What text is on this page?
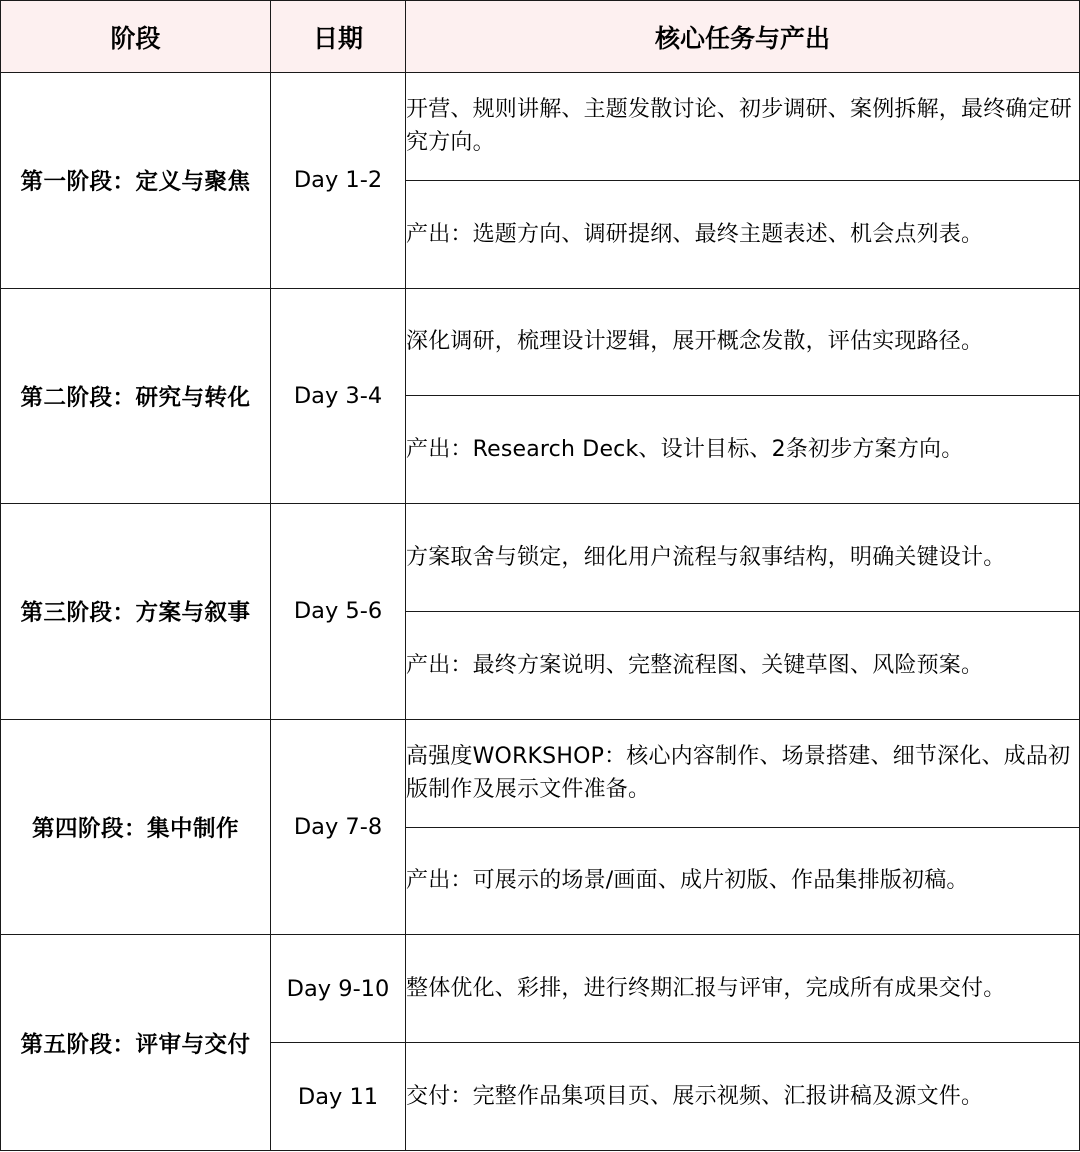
阶段	日期	核心任务与产出
第一阶段：定义与聚焦	Day 1-2	开营、规则讲解、主题发散讨论、初步调研、案例拆解，最终确定研究方向。
		产出：选题方向、调研提纲、最终主题表述、机会点列表。
第二阶段：研究与转化	Day 3-4	深化调研，梳理设计逻辑，展开概念发散，评估实现路径。
		产出：Research Deck、设计目标、2条初步方案方向。
第三阶段：方案与叙事	Day 5-6	方案取舍与锁定，细化用户流程与叙事结构，明确关键设计。
		产出：最终方案说明、完整流程图、关键草图、风险预案。
第四阶段：集中制作	Day 7-8	高强度WORKSHOP：核心内容制作、场景搭建、细节深化、成品初版制作及展示文件准备。
		产出：可展示的场景/画面、成片初版、作品集排版初稿。
第五阶段：评审与交付	Day 9-10	整体优化、彩排，进行终期汇报与评审，完成所有成果交付。
	Day 11	交付：完整作品集项目页、展示视频、汇报讲稿及源文件。
